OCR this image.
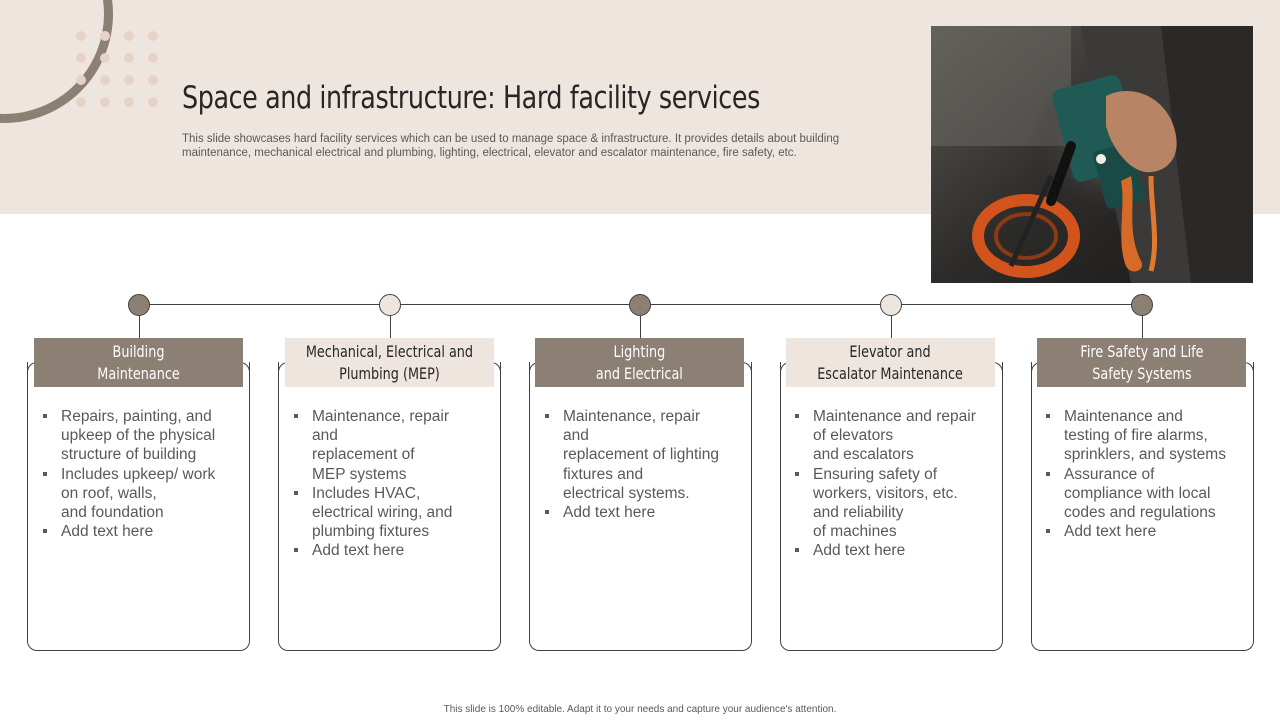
Space and infrastructure: Hard facility services
This slide showcases hard facility services which can be used to manage space & infrastructure. It provides details about building maintenance, mechanical electrical and plumbing, lighting, electrical, elevator and escalator maintenance, fire safety, etc.
Building
Maintenance
Repairs, painting, and
upkeep of the physical
structure of building
Includes upkeep/ work
on roof, walls,
and foundation
Add text here
Mechanical, Electrical and
Plumbing (MEP)
Maintenance, repair and
replacement of
MEP systems
Includes HVAC,
electrical wiring, and
plumbing fixtures
Add text here
Lighting
and Electrical
Maintenance, repair and
replacement of lighting
fixtures and
electrical systems.
Add text here
Elevator and
Escalator Maintenance
Maintenance and repair
of elevators
and escalators
Ensuring safety of
workers, visitors, etc.
and reliability
of machines
Add text here
Fire Safety and Life
Safety Systems
Maintenance and
testing of fire alarms,
sprinklers, and systems
Assurance of
compliance with local
codes and regulations
Add text here
This slide is 100% editable. Adapt it to your needs and capture your audience's attention.
